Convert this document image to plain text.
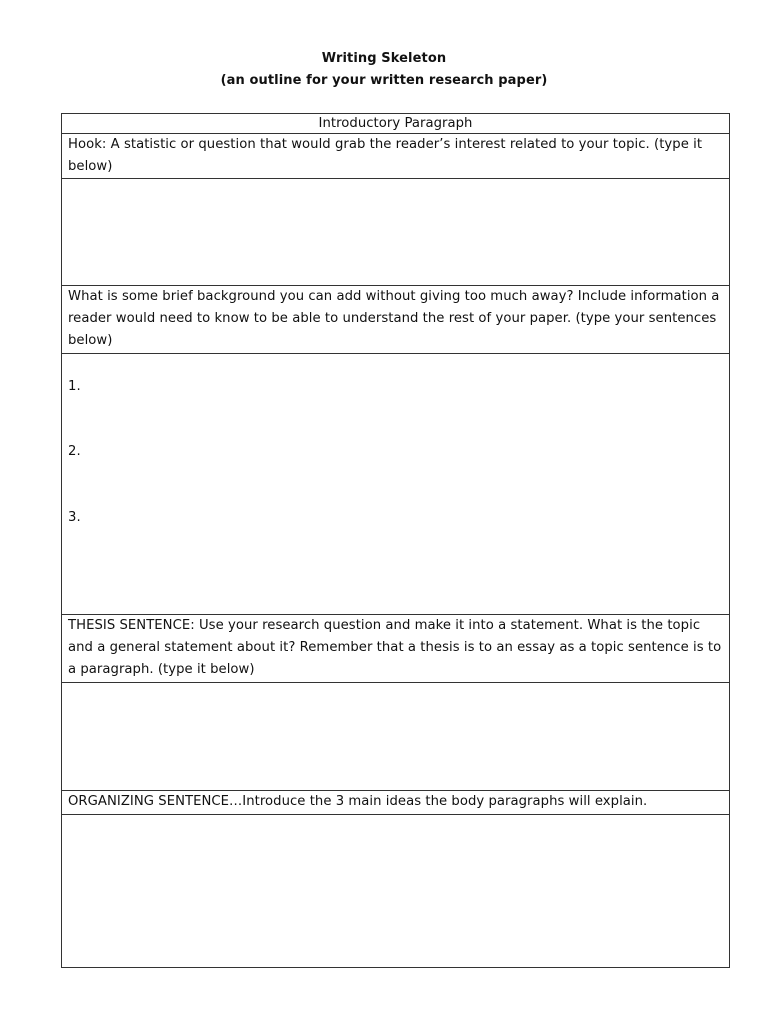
Writing Skeleton
(an outline for your written research paper)
Introductory Paragraph
Hook: A statistic or question that would grab the reader’s interest related to your topic. (type it below)
What is some brief background you can add without giving too much away? Include information a reader would need to know to be able to understand the rest of your paper. (type your sentences below)
1.
2.
3.
THESIS SENTENCE: Use your research question and make it into a statement. What is the topic and a general statement about it? Remember that a thesis is to an essay as a topic sentence is to a paragraph. (type it below)
ORGANIZING SENTENCE…Introduce the 3 main ideas the body paragraphs will explain.
